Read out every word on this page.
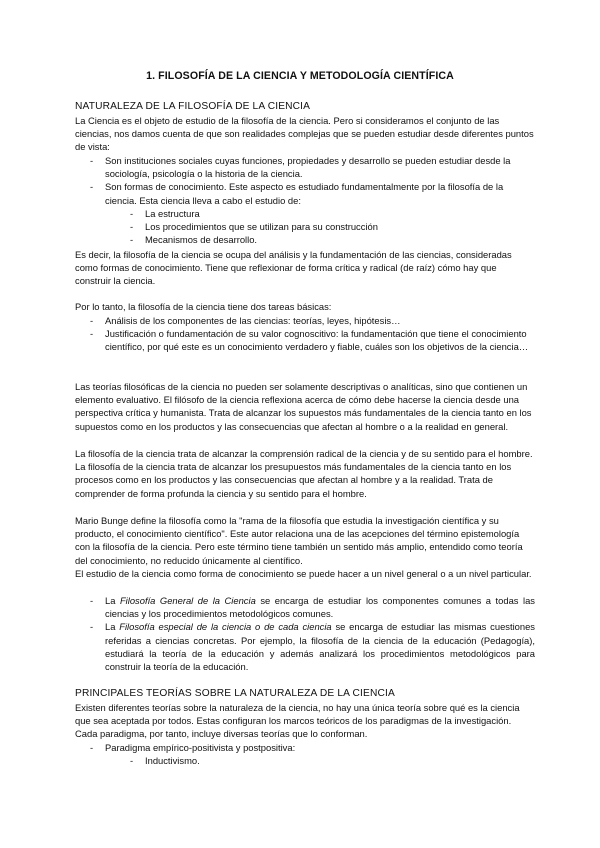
1. FILOSOFÍA DE LA CIENCIA Y METODOLOGÍA CIENTÍFICA
NATURALEZA DE LA FILOSOFÍA DE LA CIENCIA

La Ciencia es el objeto de estudio de la filosofía de la ciencia. Pero si consideramos el conjunto de las ciencias, nos damos cuenta de que son realidades complejas que se pueden estudiar desde diferentes puntos de vista:

- Son instituciones sociales cuyas funciones, propiedades y desarrollo se pueden estudiar desde la sociología, psicología o la historia de la ciencia.
- Son formas de conocimiento. Este aspecto es estudiado fundamentalmente por la filosofía de la ciencia. Esta ciencia lleva a cabo el estudio de:
- La estructura
- Los procedimientos que se utilizan para su construcción
- Mecanismos de desarrollo.

Es decir, la filosofía de la ciencia se ocupa del análisis y la fundamentación de las ciencias, consideradas como formas de conocimiento. Tiene que reflexionar de forma crítica y radical (de raíz) cómo hay que construir la ciencia.

Por lo tanto, la filosofía de la ciencia tiene dos tareas básicas:

- Análisis de los componentes de las ciencias: teorías, leyes, hipótesis…
- Justificación o fundamentación de su valor cognoscitivo: la fundamentación que tiene el conocimiento científico, por qué este es un conocimiento verdadero y fiable, cuáles son los objetivos de la ciencia…

Las teorías filosóficas de la ciencia no pueden ser solamente descriptivas o analíticas, sino que contienen un elemento evaluativo. El filósofo de la ciencia reflexiona acerca de cómo debe hacerse la ciencia desde una perspectiva crítica y humanista. Trata de alcanzar los supuestos más fundamentales de la ciencia tanto en los supuestos como en los productos y las consecuencias que afectan al hombre o a la realidad en general.

La filosofía de la ciencia trata de alcanzar la comprensión radical de la ciencia y de su sentido para el hombre. La filosofía de la ciencia trata de alcanzar los presupuestos más fundamentales de la ciencia tanto en los procesos como en los productos y las consecuencias que afectan al hombre y a la realidad. Trata de comprender de forma profunda la ciencia y su sentido para el hombre.

Mario Bunge define la filosofía como la "rama de la filosofía que estudia la investigación científica y su producto, el conocimiento científico". Este autor relaciona una de las acepciones del término epistemología con la filosofía de la ciencia. Pero este término tiene también un sentido más amplio, entendido como teoría del conocimiento, no reducido únicamente al científico.

El estudio de la ciencia como forma de conocimiento se puede hacer a un nivel general o a un nivel particular.

- La Filosofía General de la Ciencia se encarga de estudiar los componentes comunes a todas las ciencias y los procedimientos metodológicos comunes.
- La Filosofía especial de la ciencia o de cada ciencia se encarga de estudiar las mismas cuestiones referidas a ciencias concretas. Por ejemplo, la filosofía de la ciencia de la educación (Pedagogía), estudiará la teoría de la educación y además analizará los procedimientos metodológicos para construir la teoría de la educación.
PRINCIPALES TEORÍAS SOBRE LA NATURALEZA DE LA CIENCIA

Existen diferentes teorías sobre la naturaleza de la ciencia, no hay una única teoría sobre qué es la ciencia que sea aceptada por todos. Estas configuran los marcos teóricos de los paradigmas de la investigación. Cada paradigma, por tanto, incluye diversas teorías que lo conforman.

- Paradigma empírico-positivista y postpositiva:
- Inductivismo.
